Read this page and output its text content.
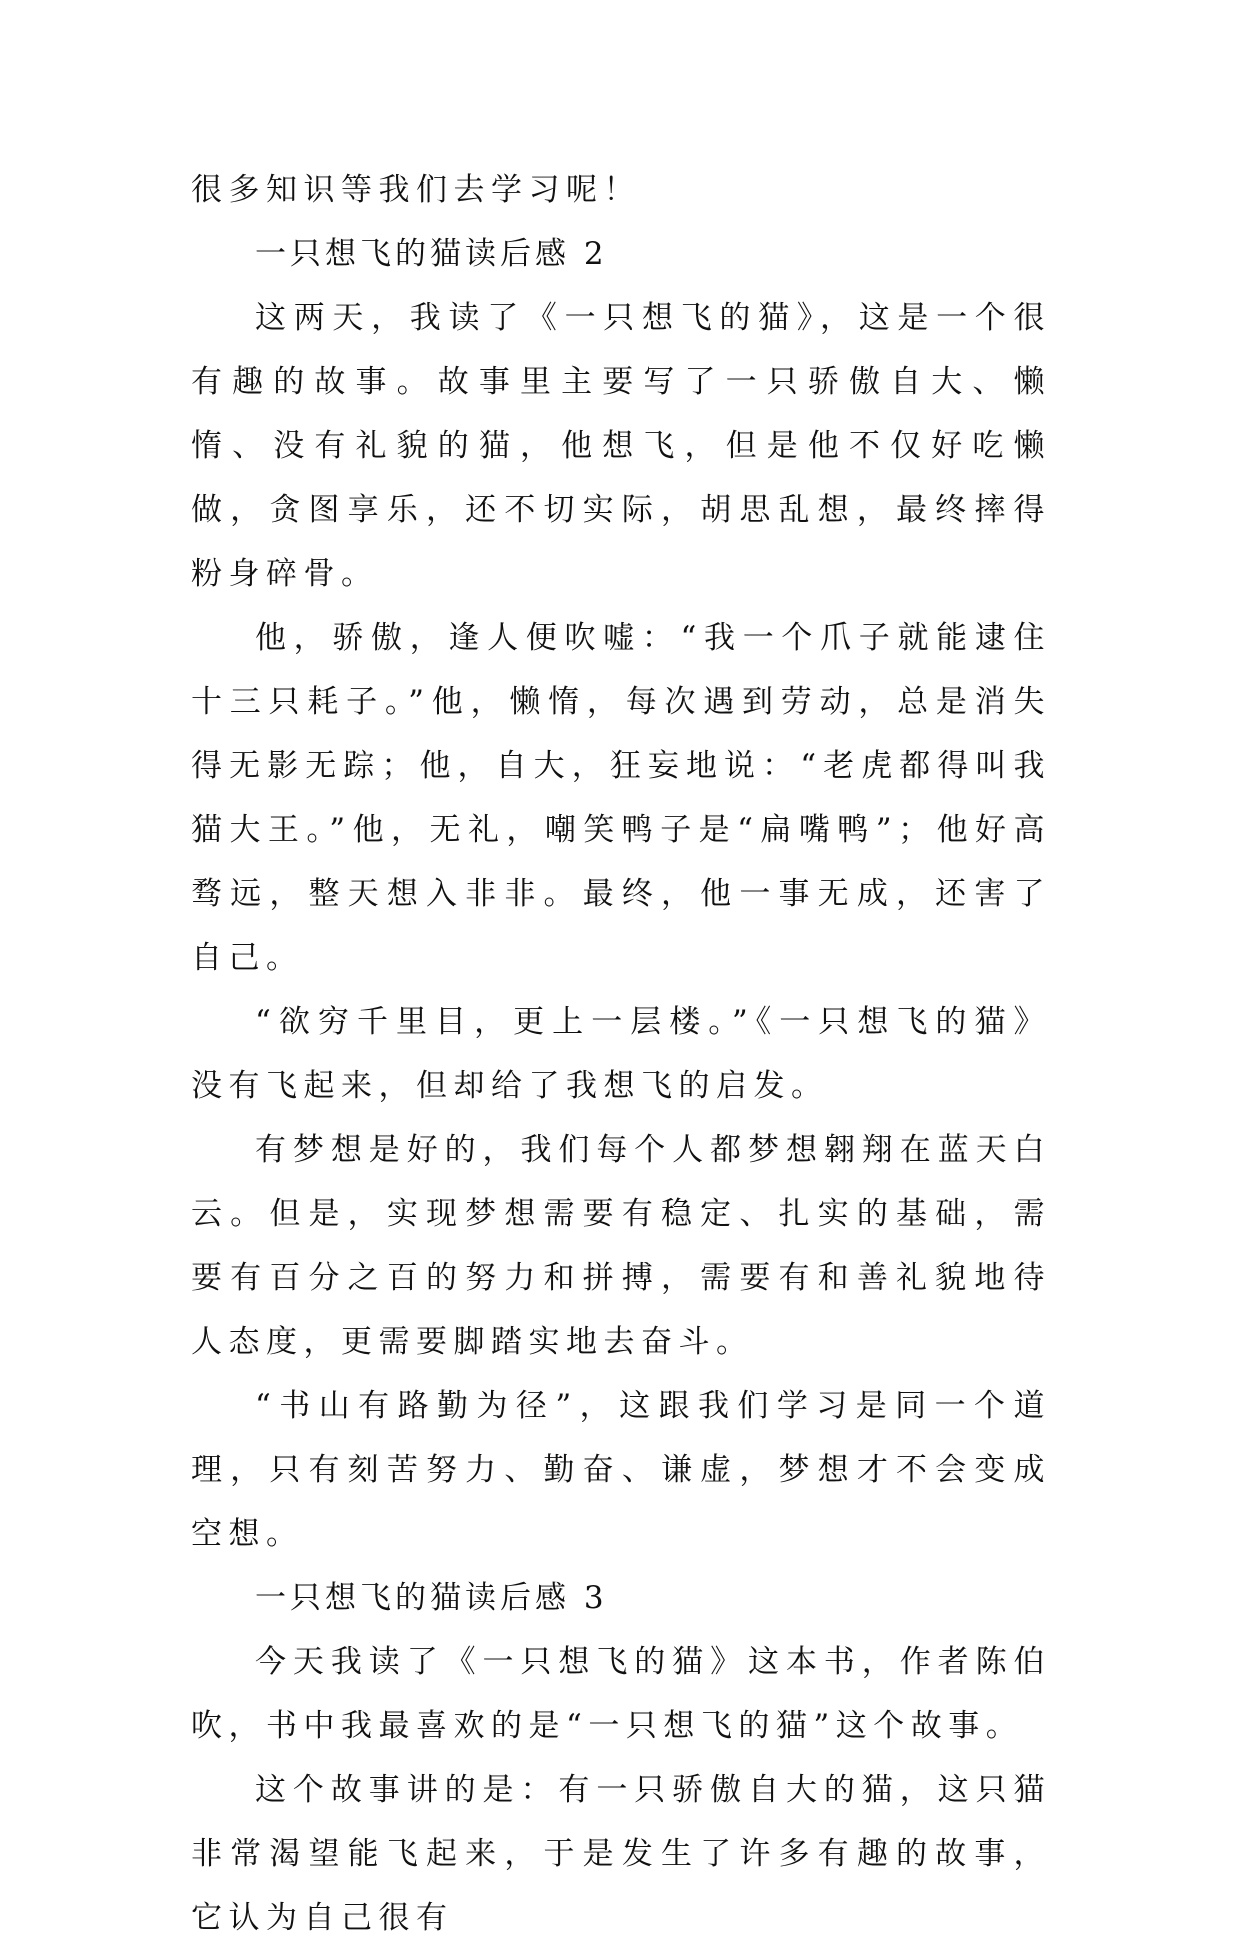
很多知识等我们去学习呢！

一只想飞的猫读后感 2

这两天，我读了《一只想飞的猫》，这是一个很有趣的故事。故事里主要写了一只骄傲自大、懒惰、没有礼貌的猫，他想飞，但是他不仅好吃懒做，贪图享乐，还不切实际，胡思乱想，最终摔得粉身碎骨。

他，骄傲，逢人便吹嘘：“我一个爪子就能逮住十三只耗子。”他，懒惰，每次遇到劳动，总是消失得无影无踪；他，自大，狂妄地说：“老虎都得叫我猫大王。”他，无礼，嘲笑鸭子是“扁嘴鸭”；他好高骛远，整天想入非非。最终，他一事无成，还害了自己。

“欲穷千里目，更上一层楼。”《一只想飞的猫》没有飞起来，但却给了我想飞的启发。

有梦想是好的，我们每个人都梦想翱翔在蓝天白云。但是，实现梦想需要有稳定、扎实的基础，需要有百分之百的努力和拼搏，需要有和善礼貌地待人态度，更需要脚踏实地去奋斗。

“书山有路勤为径”，这跟我们学习是同一个道理，只有刻苦努力、勤奋、谦虚，梦想才不会变成空想。

一只想飞的猫读后感 3

今天我读了《一只想飞的猫》这本书，作者陈伯吹，书中我最喜欢的是“一只想飞的猫”这个故事。

这个故事讲的是：有一只骄傲自大的猫，这只猫非常渴望能飞起来，于是发生了许多有趣的故事，它认为自己很有
